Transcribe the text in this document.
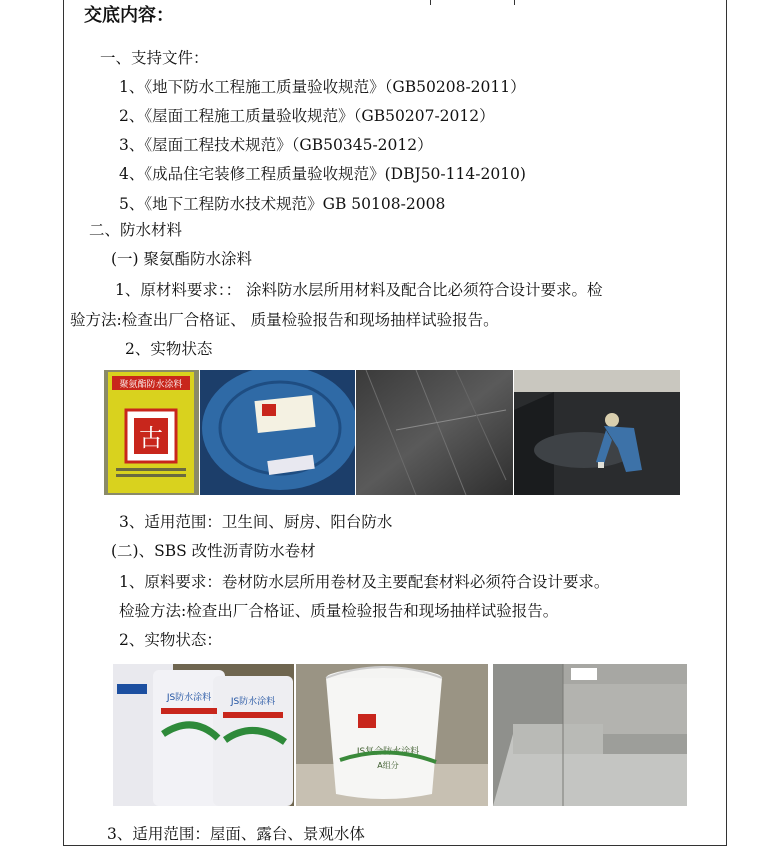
交底内容：
一、支持文件：
1、《地下防水工程施工质量验收规范》（GB50208-2011）
2、《屋面工程施工质量验收规范》（GB50207-2012）
3、《屋面工程技术规范》（GB50345-2012）
4、《成品住宅装修工程质量验收规范》(DBJ50-114-2010)
5、《地下工程防水技术规范》GB 50108-2008
二、防水材料
(一) 聚氨酯防水涂料
1、原材料要求：： 涂料防水层所用材料及配合比必须符合设计要求。检
验方法:检查出厂合格证、 质量检验报告和现场抽样试验报告。
2、实物状态
聚氨酯防水涂料
古
3、适用范围：卫生间、厨房、阳台防水
(二)、SBS 改性沥青防水卷材
1、原料要求：卷材防水层所用卷材及主要配套材料必须符合设计要求。
检验方法:检查出厂合格证、质量检验报告和现场抽样试验报告。
2、实物状态：
JS防水涂料 JS防水涂料
JS复合防水涂料
A组分
3、适用范围：屋面、露台、景观水体
